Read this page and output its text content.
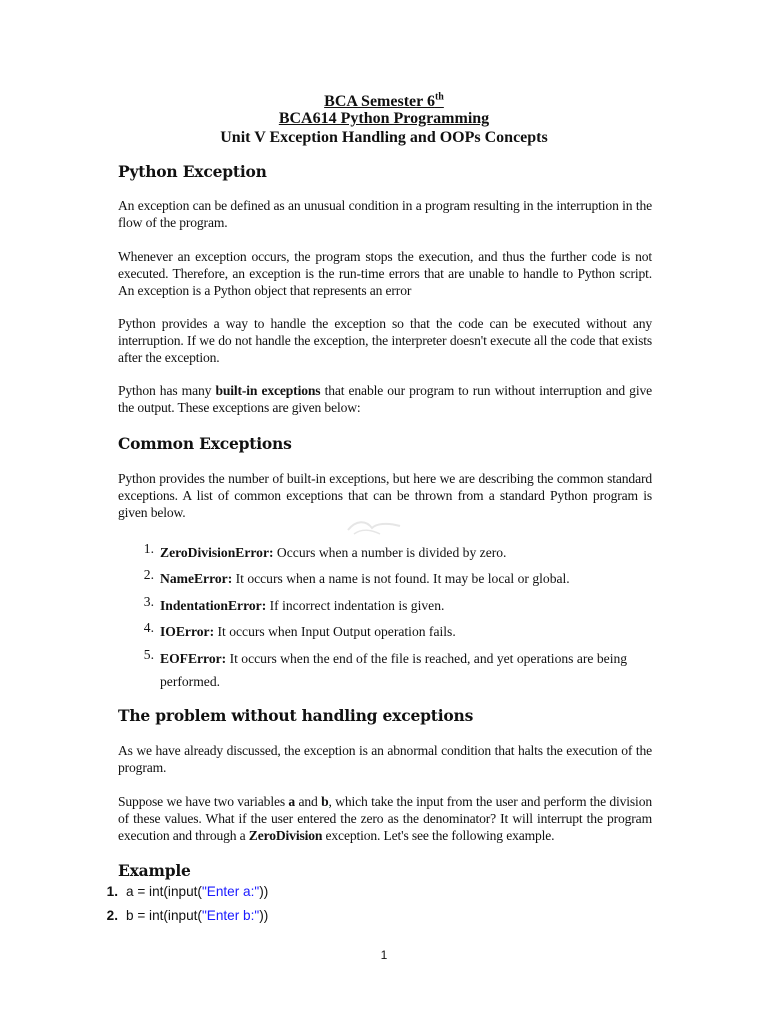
BCA Semester 6th
BCA614 Python Programming
Unit V Exception Handling and OOPs Concepts
Python Exception
An exception can be defined as an unusual condition in a program resulting in the interruption in the flow of the program.
Whenever an exception occurs, the program stops the execution, and thus the further code is not executed. Therefore, an exception is the run-time errors that are unable to handle to Python script. An exception is a Python object that represents an error
Python provides a way to handle the exception so that the code can be executed without any interruption. If we do not handle the exception, the interpreter doesn't execute all the code that exists after the exception.
Python has many built-in exceptions that enable our program to run without interruption and give the output. These exceptions are given below:
Common Exceptions
Python provides the number of built-in exceptions, but here we are describing the common standard exceptions. A list of common exceptions that can be thrown from a standard Python program is given below.
1. ZeroDivisionError: Occurs when a number is divided by zero.
2. NameError: It occurs when a name is not found. It may be local or global.
3. IndentationError: If incorrect indentation is given.
4. IOError: It occurs when Input Output operation fails.
5. EOFError: It occurs when the end of the file is reached, and yet operations are being performed.
The problem without handling exceptions
As we have already discussed, the exception is an abnormal condition that halts the execution of the program.
Suppose we have two variables a and b, which take the input from the user and perform the division of these values. What if the user entered the zero as the denominator? It will interrupt the program execution and through a ZeroDivision exception. Let's see the following example.
Example
1. a = int(input("Enter a:"))
2. b = int(input("Enter b:"))
1
